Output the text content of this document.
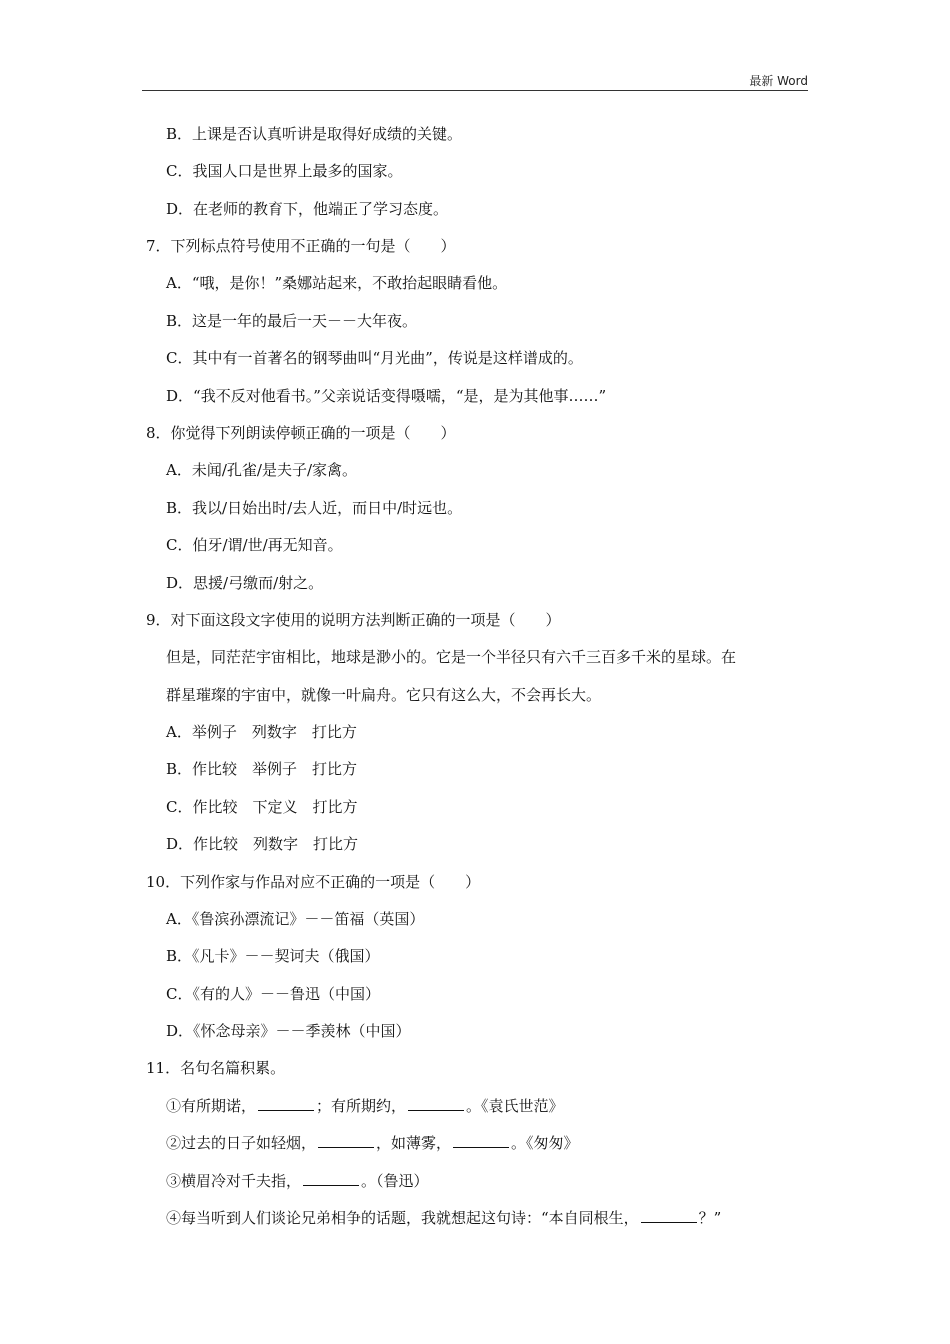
最新 Word
B．上课是否认真听讲是取得好成绩的关键。
C．我国人口是世界上最多的国家。
D．在老师的教育下，他端正了学习态度。
7．下列标点符号使用不正确的一句是（　　）
A．“哦，是你！”桑娜站起来，不敢抬起眼睛看他。
B．这是一年的最后一天－－大年夜。
C．其中有一首著名的钢琴曲叫“月光曲”，传说是这样谱成的。
D．“我不反对他看书。”父亲说话变得嗫嚅，“是，是为其他事……”
8．你觉得下列朗读停顿正确的一项是（　　）
A．未闻/孔雀/是夫子/家禽。
B．我以/日始出时/去人近，而日中/时远也。
C．伯牙/谓/世/再无知音。
D．思援/弓缴而/射之。
9．对下面这段文字使用的说明方法判断正确的一项是（　　）
但是，同茫茫宇宙相比，地球是渺小的。它是一个半径只有六千三百多千米的星球。在
群星璀璨的宇宙中，就像一叶扁舟。它只有这么大，不会再长大。
A．举例子　列数字　打比方
B．作比较　举例子　打比方
C．作比较　下定义　打比方
D．作比较　列数字　打比方
10．下列作家与作品对应不正确的一项是（　　）
A．《鲁滨孙漂流记》－－笛福（英国）
B．《凡卡》－－契诃夫（俄国）
C．《有的人》－－鲁迅（中国）
D．《怀念母亲》－－季羡林（中国）
11．名句名篇积累。
①有所期诺，	；有所期约，	。《袁氏世范》
②过去的日子如轻烟，	，如薄雾，	。《匆匆》
③横眉冷对千夫指，	。（鲁迅）
④每当听到人们谈论兄弟相争的话题，我就想起这句诗：“本自同根生，	？”
